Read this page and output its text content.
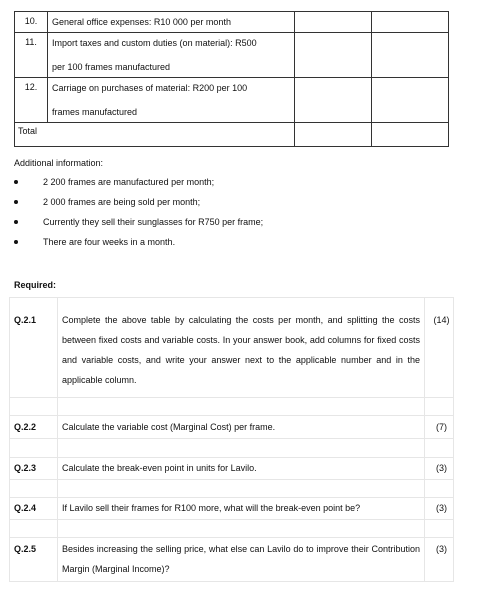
10.	General office expenses: R10 000 per month		

11.	Import taxes and custom duties (on material): R500
per 100 frames manufactured		
12.	Carriage on purchases of material: R200 per 100
frames manufactured		
Total			
Additional information:
2 200 frames are manufactured per month;
2 000 frames are being sold per month;
Currently they sell their sunglasses for R750 per frame;
There are four weeks in a month.
Required:
Q.2.1	Complete the above table by calculating the costs per month, and splitting the costs between fixed costs and variable costs. In your answer book, add columns for fixed costs and variable costs, and write your answer next to the applicable number and in the applicable column.
(14)
Q.2.2	Calculate the variable cost (Marginal Cost) per frame.	(7)
Q.2.3	Calculate the break-even point in units for Lavilo.	(3)
Q.2.4	If Lavilo sell their frames for R100 more, what will the break-even point be?	(3)
Q.2.5	Besides increasing the selling price, what else can Lavilo do to improve their Contribution Margin (Marginal Income)?
(3)
